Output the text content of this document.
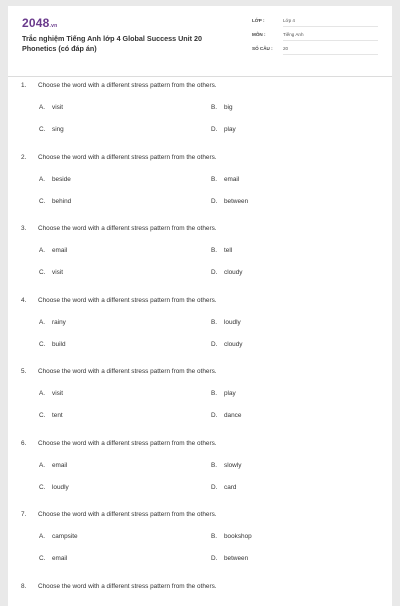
2048.vn
Trắc nghiệm Tiếng Anh lớp 4 Global Success Unit 20 Phonetics (có đáp án)
LỚP :	Lớp 4
MÔN :	Tiếng Anh
SỐ CÂU : 20
1. Choose the word with a different stress pattern from the others.
A. visit	B. big
C. sing	D. play
2. Choose the word with a different stress pattern from the others.
A. beside	B. email
C. behind	D. between
3. Choose the word with a different stress pattern from the others.
A. email	B. tell
C. visit	D. cloudy
4. Choose the word with a different stress pattern from the others.
A. rainy	B. loudly
C. build	D. cloudy
5. Choose the word with a different stress pattern from the others.
A. visit	B. play
C. tent	D. dance
6. Choose the word with a different stress pattern from the others.
A. email	B. slowly
C. loudly	D. card
7. Choose the word with a different stress pattern from the others.
A. campsite	B. bookshop
C. email	D. between
8. Choose the word with a different stress pattern from the others.
